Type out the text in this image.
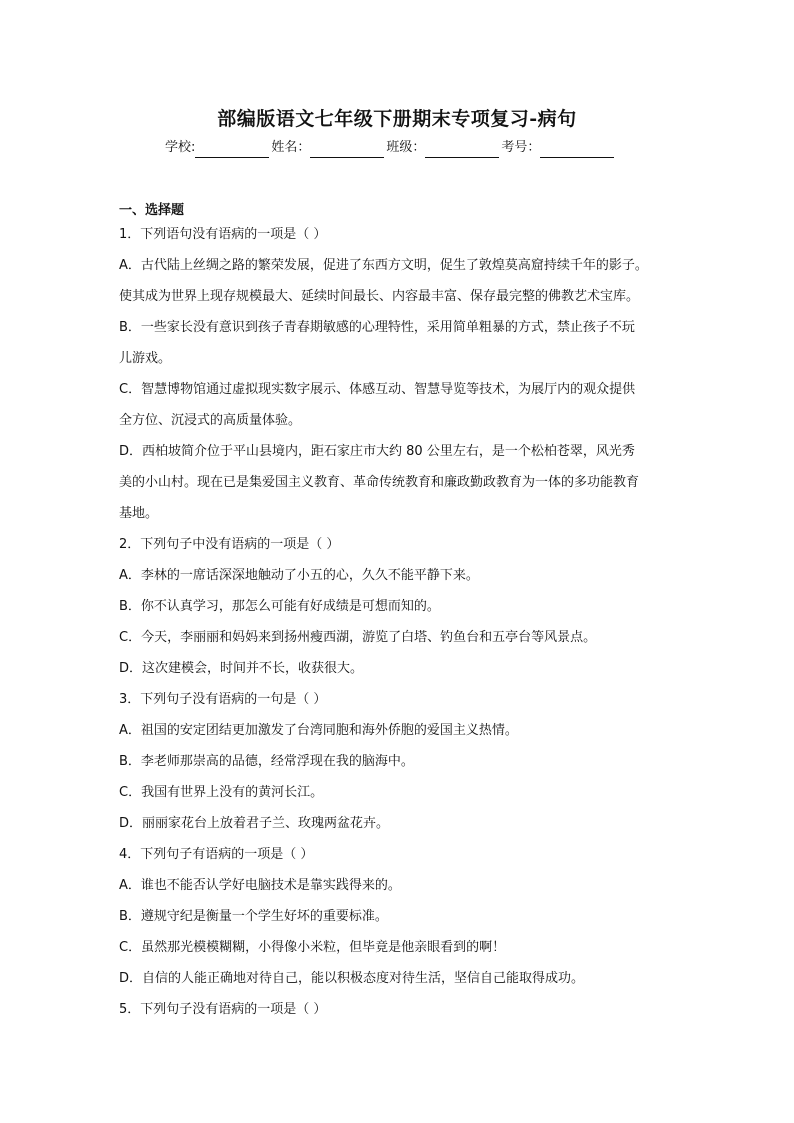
部编版语文七年级下册期末专项复习-病句
学校:	姓名：	班级：	考号：
一、选择题
1．下列语句没有语病的一项是（ ）
A．古代陆上丝绸之路的繁荣发展，促进了东西方文明，促生了敦煌莫高窟持续千年的影子。
使其成为世界上现存规模最大、延续时间最长、内容最丰富、保存最完整的佛教艺术宝库。
B．一些家长没有意识到孩子青春期敏感的心理特性，采用简单粗暴的方式，禁止孩子不玩
儿游戏。
C．智慧博物馆通过虚拟现实数字展示、体感互动、智慧导览等技术，为展厅内的观众提供
全方位、沉浸式的高质量体验。
D．西柏坡简介位于平山县境内，距石家庄市大约 80 公里左右，是一个松柏苍翠，风光秀
美的小山村。现在已是集爱国主义教育、革命传统教育和廉政勤政教育为一体的多功能教育
基地。
2．下列句子中没有语病的一项是（ ）
A．李林的一席话深深地触动了小五的心，久久不能平静下来。
B．你不认真学习，那怎么可能有好成绩是可想而知的。
C．今天，李丽丽和妈妈来到扬州瘦西湖，游览了白塔、钓鱼台和五亭台等风景点。
D．这次建模会，时间并不长，收获很大。
3．下列句子没有语病的一句是（ ）
A．祖国的安定团结更加激发了台湾同胞和海外侨胞的爱国主义热情。
B．李老师那崇高的品德，经常浮现在我的脑海中。
C．我国有世界上没有的黄河长江。
D．丽丽家花台上放着君子兰、玫瑰两盆花卉。
4．下列句子有语病的一项是（ ）
A．谁也不能否认学好电脑技术是靠实践得来的。
B．遵规守纪是衡量一个学生好坏的重要标准。
C．虽然那光模模糊糊，小得像小米粒，但毕竟是他亲眼看到的啊！
D．自信的人能正确地对待自己，能以积极态度对待生活，坚信自己能取得成功。
5．下列句子没有语病的一项是（ ）
